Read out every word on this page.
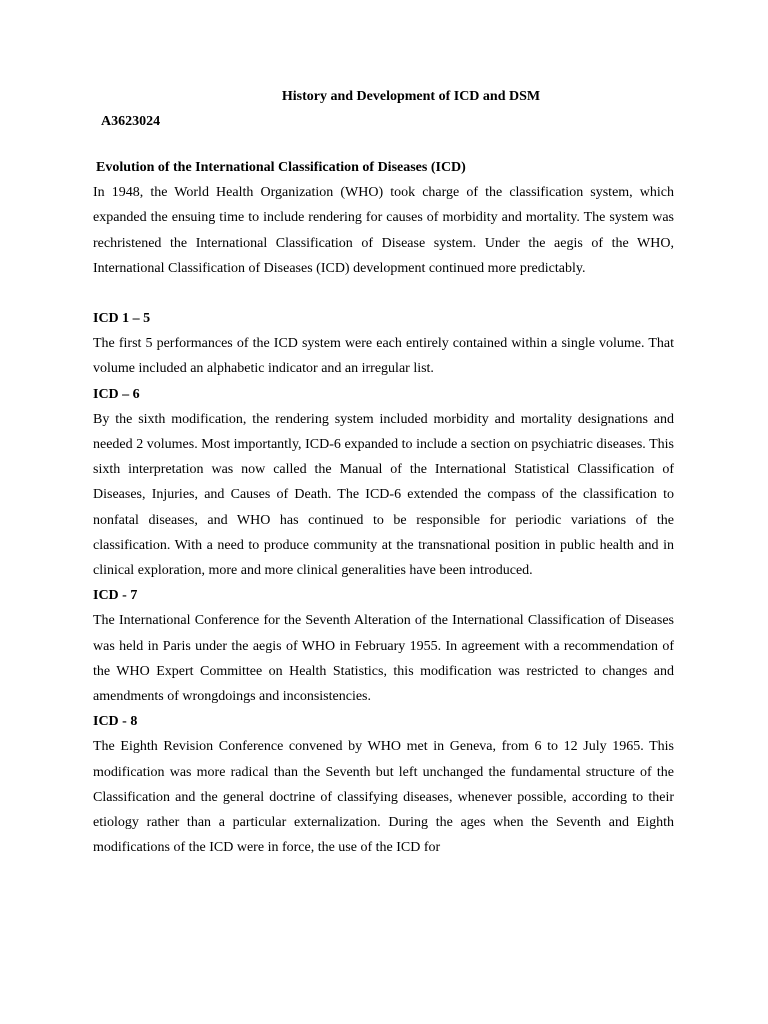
History and Development of ICD and DSM
A3623024
Evolution of the International Classification of Diseases (ICD)

In 1948, the World Health Organization (WHO) took charge of the classification system, which expanded the ensuing time to include rendering for causes of morbidity and mortality. The system was rechristened the International Classification of Disease system. Under the aegis of the WHO, International Classification of Diseases (ICD) development continued more predictably.

ICD 1 – 5

The first 5 performances of the ICD system were each entirely contained within a single volume. That volume included an alphabetic indicator and an irregular list.

ICD – 6

By the sixth modification, the rendering system included morbidity and mortality designations and needed 2 volumes. Most importantly, ICD-6 expanded to include a section on psychiatric diseases. This sixth interpretation was now called the Manual of the International Statistical Classification of Diseases, Injuries, and Causes of Death. The ICD-6 extended the compass of the classification to nonfatal diseases, and WHO has continued to be responsible for periodic variations of the classification. With a need to produce community at the transnational position in public health and in clinical exploration, more and more clinical generalities have been introduced.

ICD - 7

The International Conference for the Seventh Alteration of the International Classification of Diseases was held in Paris under the aegis of WHO in February 1955. In agreement with a recommendation of the WHO Expert Committee on Health Statistics, this modification was restricted to changes and amendments of wrongdoings and inconsistencies.

ICD - 8

The Eighth Revision Conference convened by WHO met in Geneva, from 6 to 12 July 1965. This modification was more radical than the Seventh but left unchanged the fundamental structure of the Classification and the general doctrine of classifying diseases, whenever possible, according to their etiology rather than a particular externalization. During the ages when the Seventh and Eighth modifications of the ICD were in force, the use of the ICD for
